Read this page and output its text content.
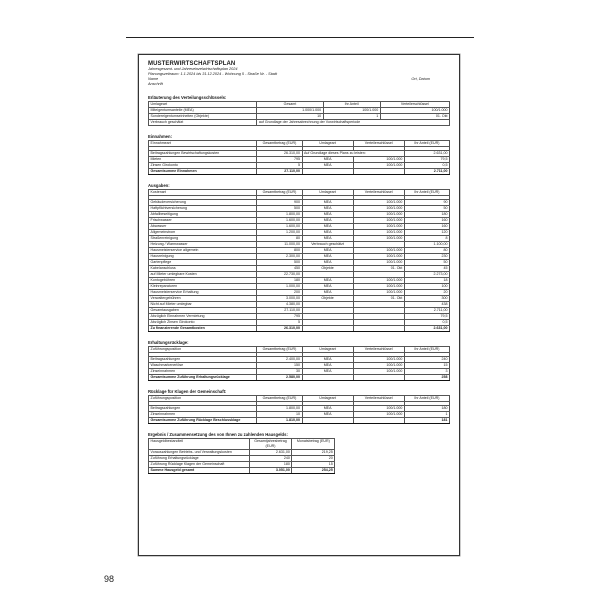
MUSTERWIRTSCHAFTSPLAN
Jahresgesamt- und Jahreseinzelwirtschaftsplan 2024
Planungszeitraum: 1.1.2024 bis 31.12.2024 - Wohnung 5 - Straße Nr. - Stadt
Name	Ort, Datum
Anschrift
Erläuterung des Verteilungsschlüssels:
Umlageart	Gesamt	Ihr Anteil	Verteilerschlüssel
Miteigentumsanteile (MEA)	1.000/1.000	100/1.000	100/1.000
Sondereigentumseinheiten (Objekte)	10	1	01. Okt
Verbrauch geschätzt	auf Grundlage der Jahresabrechnung der Vorwirtschaftsperiode		
Einnahmen:
Einnahmeart	Gesamtbetrag (EUR)	Umlageart	Verteilerschlüssel	Ihr Anteil (EUR)

Beitragszahlungen Bewirtschaftungskosten	26.310,00	Auf Grundlage dieses Plans zu leisten:		2.631,00
Mieten	795	MEA	100/1.000	79,5
Zinsen Girokonto	5	MEA	100/1.000	0,5
Gesamtsumme Einnahmen	27.110,00			2.711,00
Ausgaben:
Kostenart	Gesamtbetrag (EUR)	Umlageart	Verteilerschlüssel	Ihr Anteil (EUR)

Gebäudeversicherung	900	MEA	100/1.000	90
Haftpflichtversicherung	500	MEA	100/1.000	50
Abfallbeseitigung	1.800,00	MEA	100/1.000	180
Frischwasser	1.600,00	MEA	100/1.000	160
Abwasser	1.600,00	MEA	100/1.000	160
Allgemeinstrom	1.200,00	MEA	100/1.000	120
Straßenreinigung	80	MEA	100/1.000	8
Heizung / Warmwasser	11.000,00	Verbrauch geschätzt		1.100,00
Hausmeisterservice allgemein	800	MEA	100/1.000	80
Hausreinigung	2.300,00	MEA	100/1.000	230
Gartenpflege	500	MEA	100/1.000	50
Kabelanschluss	450	Objekte	01. Okt	45
auf Mieter umlegbare Kosten	22.730,00			2.273,00
Kontogebühren	180	MEA	100/1.000	18
Kleinreparaturen	1.000,00	MEA	100/1.000	100
Hausmeisterservice Erhaltung	200	MEA	100/1.000	20
Verwaltergebühren	3.000,00	Objekte	01. Okt	300
Nicht auf Mieter umlegbar	4.380,00			438
Gesamtausgaben	27.110,00			2.711,00
Abzüglich Einnahmen Vermietung	795			79,5
Abzüglich Zinsen Girokonto	5			0,5
Zu finanzierende Gesamtkosten	26.310,00			2.631,00
Erhaltungsrücklage:
Zuführungsposition	Gesamtbetrag (EUR)	Umlageart	Verteilerschlüssel	Ihr Anteil (EUR)

Beitragszahlungen	2.400,00	MEA	100/1.000	240
Waschmarkenerlöse	150	MEA	100/1.000	15
Zinseinnahmen	30	MEA	100/1.000	3
Gesamtsumme Zuführung Erhaltungsrücklage	2.580,00			258
Rücklage für Klagen der Gemeinschaft:
Zuführungsposition	Gesamtbetrag (EUR)	Umlageart	Verteilerschlüssel	Ihr Anteil (EUR)

Beitragszahlungen	1.800,00	MEA	100/1.000	180
Zinseinnahmen	10	MEA	100/1.000	1
Gesamtsumme Zuführung Rücklage Beschlussklage	1.810,00			181
Ergebnis / Zusammensetzung des von Ihnen zu zahlenden Hausgelds:
Hausgeldbestandteil	Gesamtjahresbetrag (EUR)	Monatsbetrag (EUR)
Vorauszahlungen Betriebs- und Verwaltungskosten	2.631,00	219,25
Zuführung Erhaltungsrücklage	240	20
Zuführung Rücklage Klagen der Gemeinschaft	180	15
Summe Hausgeld gesamt	3.051,00	254,25
98
